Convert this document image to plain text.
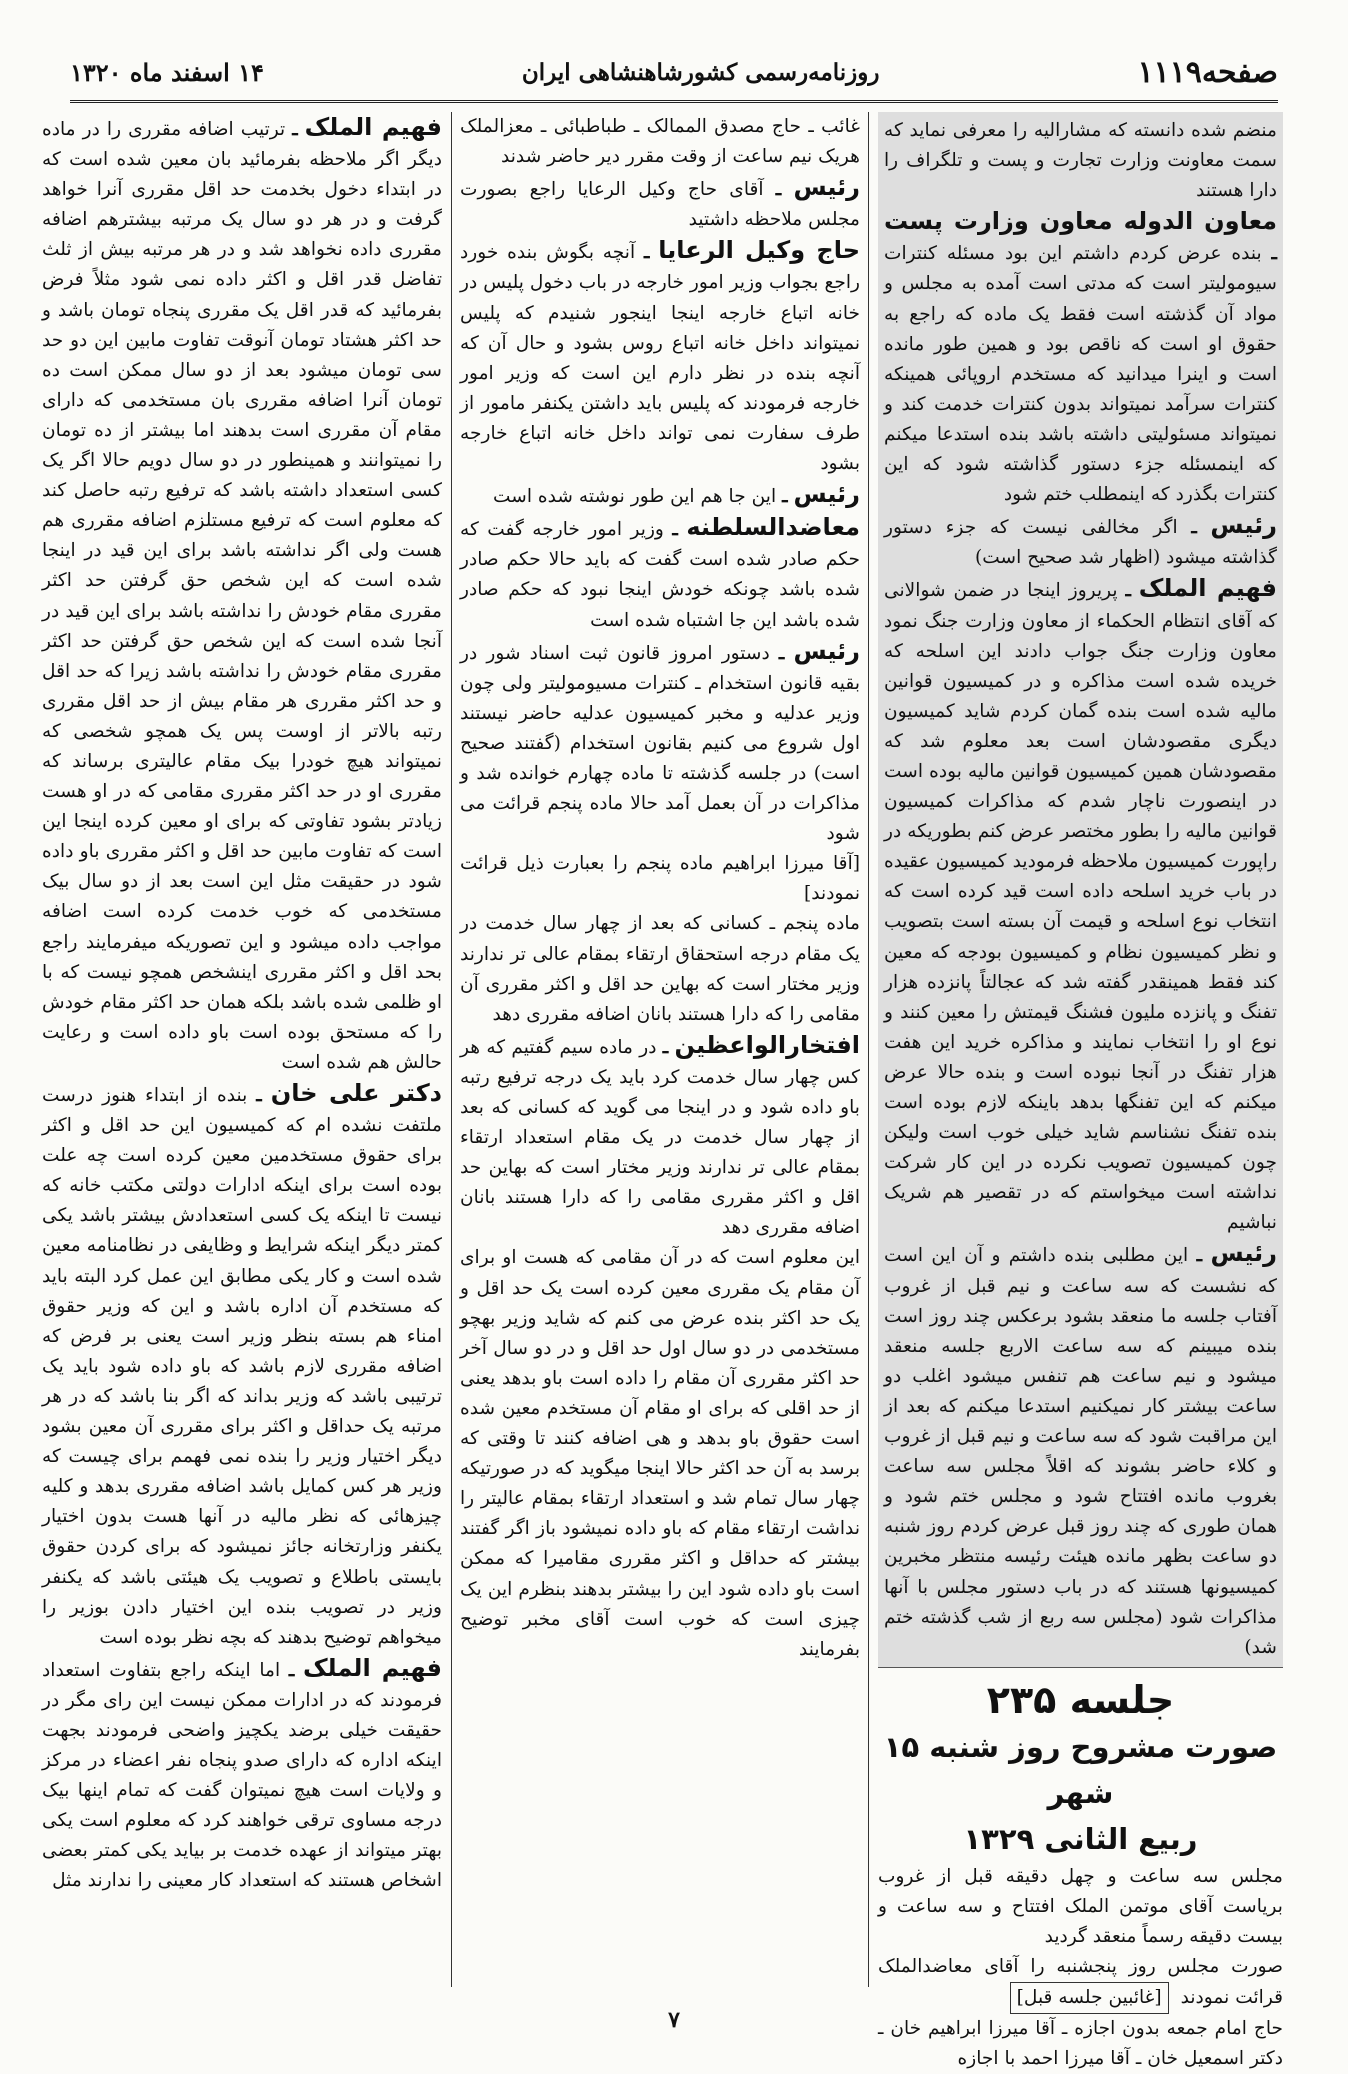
صفحه۱۱۱۹
روزنامه‌رسمی کشورشاهنشاهی ایران
۱۴ اسفند ماه ۱۳۲۰

منضم شده دانسته که مشارالیه را معرفی نماید که سمت معاونت وزارت تجارت و پست و تلگراف را دارا هستند

معاون الدوله معاون وزارت پست ـ بنده عرض کردم داشتم این بود مسئله کنترات سیومولیتر است که مدتی است آمده به مجلس و مواد آن گذشته است فقط یک ماده که راجع به حقوق او است که ناقص بود و همین طور مانده است و اینرا میدانید که مستخدم اروپائی همینکه کنترات سرآمد نمیتواند بدون کنترات خدمت کند و نمیتواند مسئولیتی داشته باشد بنده استدعا میکنم که اینمسئله جزء دستور گذاشته شود که این کنترات بگذرد که اینمطلب ختم شود

رئیس ـ اگر مخالفی نیست که جزء دستور گذاشته میشود (اظهار شد صحیح است)

فهیم الملک ـ پریروز اینجا در ضمن شوالانی که آقای انتظام الحکماء از معاون وزارت جنگ نمود معاون وزارت جنگ جواب دادند این اسلحه که خریده شده است مذاکره و در کمیسیون قوانین مالیه شده است بنده گمان کردم شاید کمیسیون دیگری مقصودشان است بعد معلوم شد که مقصودشان همین کمیسیون قوانین مالیه بوده است در اینصورت ناچار شدم که مذاکرات کمیسیون قوانین مالیه را بطور مختصر عرض کنم بطوریکه در راپورت کمیسیون ملاحظه فرمودید کمیسیون عقیده در باب خرید اسلحه داده است قید کرده است که انتخاب نوع اسلحه و قیمت آن بسته است بتصویب و نظر کمیسیون نظام و کمیسیون بودجه که معین کند فقط همینقدر گفته شد که عجالتاً پانزده هزار تفنگ و پانزده ملیون فشنگ قیمتش را معین کنند و نوع او را انتخاب نمایند و مذاکره خرید این هفت هزار تفنگ در آنجا نبوده است و بنده حالا عرض میکنم که این تفنگها بدهد باینکه لازم بوده است بنده تفنگ نشناسم شاید خیلی خوب است ولیکن چون کمیسیون تصویب نکرده در این کار شرکت نداشته است میخواستم که در تقصیر هم شریک نباشیم

رئیس ـ این مطلبی بنده داشتم و آن این است که نشست که سه ساعت و نیم قبل از غروب آفتاب جلسه ما منعقد بشود برعکس چند روز است بنده میبینم که سه ساعت الاربع جلسه منعقد میشود و نیم ساعت هم تنفس میشود اغلب دو ساعت بیشتر کار نمیکنیم استدعا میکنم که بعد از این مراقبت شود که سه ساعت و نیم قبل از غروب و کلاء حاضر بشوند که اقلاً مجلس سه ساعت بغروب مانده افتتاح شود و مجلس ختم شود و همان طوری که چند روز قبل عرض کردم روز شنبه دو ساعت بظهر مانده هیئت رئیسه منتظر مخبرین کمیسیونها هستند که در باب دستور مجلس با آنها مذاکرات شود (مجلس سه ربع از شب گذشته ختم شد)

جلسه ۲۳۵
صورت مشروح روز شنبه ۱۵ شهر
ربیع الثانی ۱۳۲۹

مجلس سه ساعت و چهل دقیقه قبل از غروب بریاست آقای موتمن الملک افتتاح و سه ساعت و بیست دقیقه رسماً منعقد گردید

صورت مجلس روز پنجشنبه را آقای معاضدالملک قرائت نمودند [غائبین جلسه قبل]

حاج امام جمعه بدون اجازه ـ آقا میرزا ابراهیم خان ـ دکتر اسمعیل خان ـ آقا میرزا احمد با اجازه

غائب ـ حاج مصدق الممالک ـ طباطبائی ـ معزالملک هریک نیم ساعت از وقت مقرر دیر حاضر شدند

رئیس ـ آقای حاج وکیل الرعایا راجع بصورت مجلس ملاحظه داشتید

حاج وکیل الرعایا ـ آنچه بگوش بنده خورد راجع بجواب وزیر امور خارجه در باب دخول پلیس در خانه اتباع خارجه اینجا اینجور شنیدم که پلیس نمیتواند داخل خانه اتباع روس بشود و حال آن که آنچه بنده در نظر دارم این است که وزیر امور خارجه فرمودند که پلیس باید داشتن یکنفر مامور از طرف سفارت نمی تواند داخل خانه اتباع خارجه بشود

رئیس ـ این جا هم این طور نوشته شده است

معاضدالسلطنه ـ وزیر امور خارجه گفت که حکم صادر شده است گفت که باید حالا حکم صادر شده باشد چونکه خودش اینجا نبود که حکم صادر شده باشد این جا اشتباه شده است

رئیس ـ دستور امروز قانون ثبت اسناد شور در بقیه قانون استخدام ـ کنترات مسیومولیتر ولی چون وزیر عدلیه و مخبر کمیسیون عدلیه حاضر نیستند اول شروع می کنیم بقانون استخدام (گفتند صحیح است) در جلسه گذشته تا ماده چهارم خوانده شد و مذاکرات در آن بعمل آمد حالا ماده پنجم قرائت می شود

[آقا میرزا ابراهیم ماده پنجم را بعبارت ذیل قرائت نمودند]

ماده پنجم ـ کسانی که بعد از چهار سال خدمت در یک مقام درجه استحقاق ارتقاء بمقام عالی تر ندارند وزیر مختار است که بهاین حد اقل و اکثر مقرری آن مقامی را که دارا هستند بانان اضافه مقرری دهد

افتخارالواعظین ـ در ماده سیم گفتیم که هر کس چهار سال خدمت کرد باید یک درجه ترفیع رتبه باو داده شود و در اینجا می گوید که کسانی که بعد از چهار سال خدمت در یک مقام استعداد ارتقاء بمقام عالی تر ندارند وزیر مختار است که بهاین حد اقل و اکثر مقرری مقامی را که دارا هستند بانان اضافه مقرری دهد

این معلوم است که در آن مقامی که هست او برای آن مقام یک مقرری معین کرده است یک حد اقل و یک حد اکثر بنده عرض می کنم که شاید وزیر بهچو مستخدمی در دو سال اول حد اقل و در دو سال آخر حد اکثر مقرری آن مقام را داده است باو بدهد یعنی از حد اقلی که برای او مقام آن مستخدم معین شده است حقوق باو بدهد و هی اضافه کنند تا وقتی که برسد به آن حد اکثر حالا اینجا میگوید که در صورتیکه چهار سال تمام شد و استعداد ارتقاء بمقام عالیتر را نداشت ارتقاء مقام که باو داده نمیشود باز اگر گفتند بیشتر که حداقل و اکثر مقرری مقامیرا که ممکن است باو داده شود این را بیشتر بدهند بنظرم این یک چیزی است که خوب است آقای مخبر توضیح بفرمایند

فهیم الملک ـ ترتیب اضافه مقرری را در ماده دیگر اگر ملاحظه بفرمائید بان معین شده است که در ابتداء دخول بخدمت حد اقل مقرری آنرا خواهد گرفت و در هر دو سال یک مرتبه بیشترهم اضافه مقرری داده نخواهد شد و در هر مرتبه بیش از ثلث تفاضل قدر اقل و اکثر داده نمی شود مثلاً فرض بفرمائید که قدر اقل یک مقرری پنجاه تومان باشد و حد اکثر هشتاد تومان آنوقت تفاوت مابین این دو حد سی تومان میشود بعد از دو سال ممکن است ده تومان آنرا اضافه مقرری بان مستخدمی که دارای مقام آن مقرری است بدهند اما بیشتر از ده تومان را نمیتوانند و همینطور در دو سال دویم حالا اگر یک کسی استعداد داشته باشد که ترفیع رتبه حاصل کند که معلوم است که ترفیع مستلزم اضافه مقرری هم هست ولی اگر نداشته باشد برای این قید در اینجا شده است که این شخص حق گرفتن حد اکثر مقرری مقام خودش را نداشته باشد برای این قید در آنجا شده است که این شخص حق گرفتن حد اکثر مقرری مقام خودش را نداشته باشد زیرا که حد اقل و حد اکثر مقرری هر مقام بیش از حد اقل مقرری رتبه بالاتر از اوست پس یک همچو شخصی که نمیتواند هیچ خودرا بیک مقام عالیتری برساند که مقرری او در حد اکثر مقرری مقامی که در او هست زیادتر بشود تفاوتی که برای او معین کرده اینجا این است که تفاوت مابین حد اقل و اکثر مقرری باو داده شود در حقیقت مثل این است بعد از دو سال بیک مستخدمی که خوب خدمت کرده است اضافه مواجب داده میشود و این تصوریکه میفرمایند راجع بحد اقل و اکثر مقرری اینشخص همچو نیست که با او ظلمی شده باشد بلکه همان حد اکثر مقام خودش را که مستحق بوده است باو داده است و رعایت حالش هم شده است

دکتر علی خان ـ بنده از ابتداء هنوز درست ملتفت نشده ام که کمیسیون این حد اقل و اکثر برای حقوق مستخدمین معین کرده است چه علت بوده است برای اینکه ادارات دولتی مکتب خانه که نیست تا اینکه یک کسی استعدادش بیشتر باشد یکی کمتر دیگر اینکه شرایط و وظایفی در نظامنامه معین شده است و کار یکی مطابق این عمل کرد البته باید که مستخدم آن اداره باشد و این که وزیر حقوق امناء هم بسته بنظر وزیر است یعنی بر فرض که اضافه مقرری لازم باشد که باو داده شود باید یک ترتیبی باشد که وزیر بداند که اگر بنا باشد که در هر مرتبه یک حداقل و اکثر برای مقرری آن معین بشود دیگر اختیار وزیر را بنده نمی فهمم برای چیست که وزیر هر کس کمایل باشد اضافه مقرری بدهد و کلیه چیزهائی که نظر مالیه در آنها هست بدون اختیار یکنفر وزارتخانه جائز نمیشود که برای کردن حقوق بایستی باطلاع و تصویب یک هیئتی باشد که یکنفر وزیر در تصویب بنده این اختیار دادن بوزیر را میخواهم توضیح بدهند که بچه نظر بوده است

فهیم الملک ـ اما اینکه راجع بتفاوت استعداد فرمودند که در ادارات ممکن نیست این رای مگر در حقیقت خیلی برضد یکچیز واضحی فرمودند بجهت اینکه اداره که دارای صدو پنجاه نفر اعضاء در مرکز و ولایات است هیچ نمیتوان گفت که تمام اینها بیک درجه مساوی ترقی خواهند کرد که معلوم است یکی بهتر میتواند از عهده خدمت بر بیاید یکی کمتر بعضی اشخاص هستند که استعداد کار معینی را ندارند مثل

۷
